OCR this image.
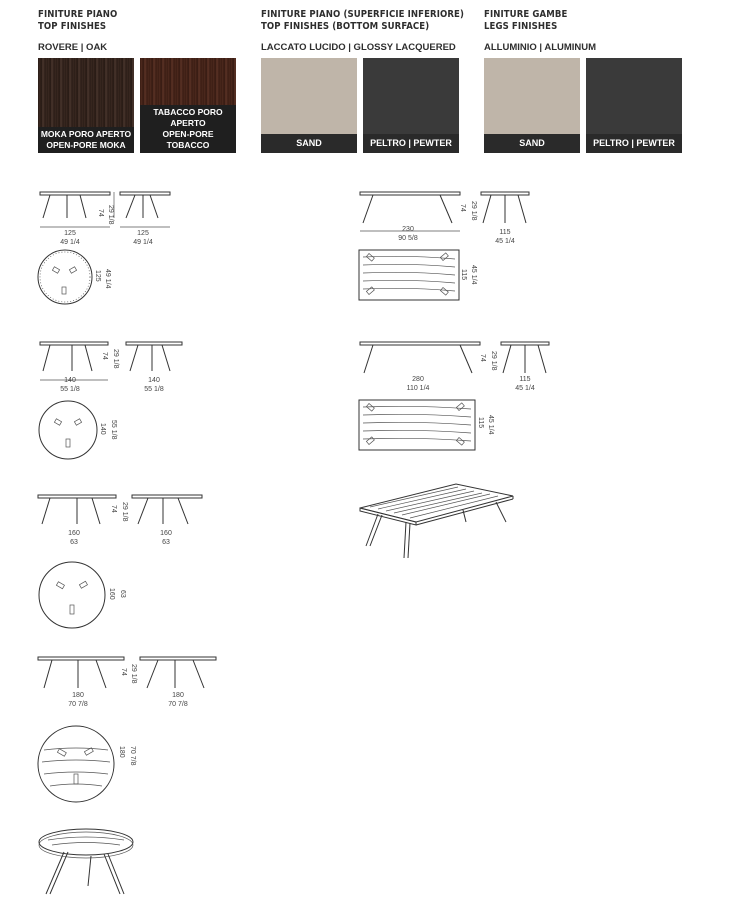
FINITURE PIANO
TOP FINISHES
ROVERE | OAK
MOKA PORO APERTO
OPEN-PORE MOKA
TABACCO PORO APERTO
OPEN-PORE TOBACCO
FINITURE PIANO (SUPERFICIE INFERIORE)
TOP FINISHES (BOTTOM SURFACE)
LACCATO LUCIDO | GLOSSY LACQUERED
SAND	PELTRO | PEWTER
FINITURE GAMBE
LEGS FINISHES
ALLUMINIO | ALUMINUM
SAND	PELTRO | PEWTER
125
49 1/4
74 29 1/8
125
49 1/4
125 49 1/4
140
55 1/8
74 29 1/8
140
55 1/8
140 55 1/8
160
63
74 29 1/8
160
63
160 63
180
70 7/8
74 29 1/8
180
70 7/8
180 70 7/8
230
90 5/8
74 29 1/8
115
45 1/4
115 45 1/4
280
110 1/4
74 29 1/8
115
45 1/4
115 45 1/4
